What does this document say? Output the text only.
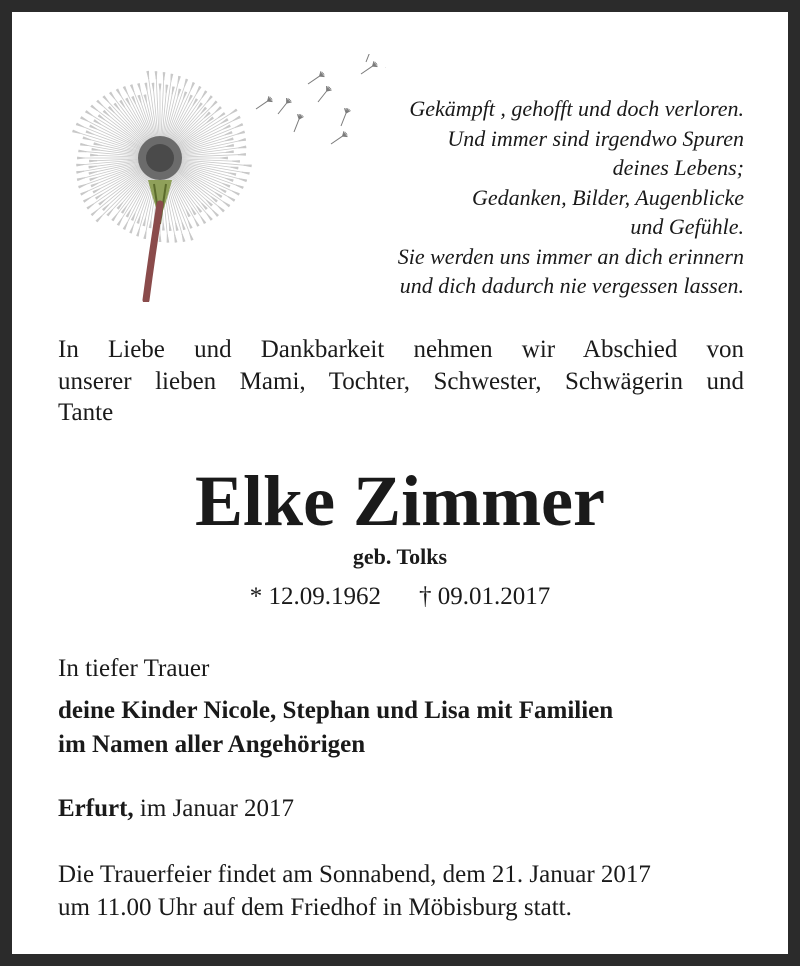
Gekämpft , gehofft und doch verloren.
Und immer sind irgendwo Spuren
deines Lebens;
Gedanken, Bilder, Augenblicke
und Gefühle.
Sie werden uns immer an dich erinnern
und dich dadurch nie vergessen lassen.
In Liebe und Dankbarkeit nehmen wir Abschied von
unserer lieben Mami, Tochter, Schwester, Schwägerin und
Tante
Elke Zimmer
geb. Tolks
* 12.09.1962 † 09.01.2017
In tiefer Trauer
deine Kinder Nicole, Stephan und Lisa mit Familien
im Namen aller Angehörigen
Erfurt, im Januar 2017
Die Trauerfeier findet am Sonnabend, dem 21. Januar 2017
um 11.00 Uhr auf dem Friedhof in Möbisburg statt.
